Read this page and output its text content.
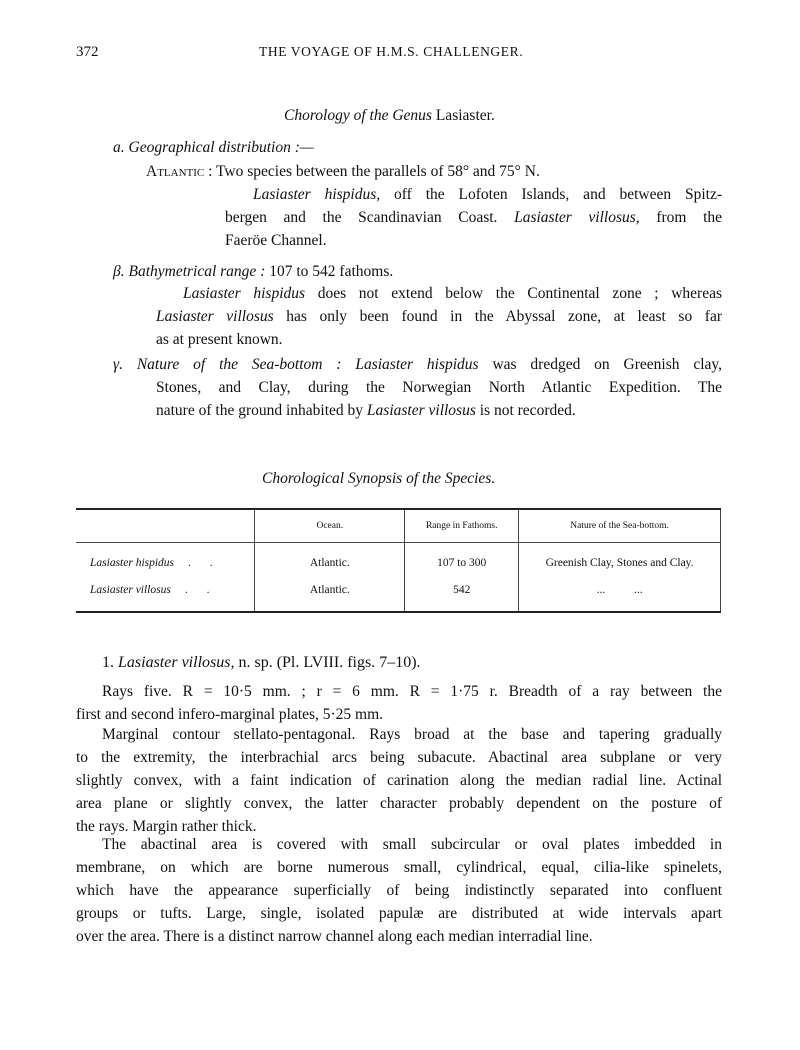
372	THE VOYAGE OF H.M.S. CHALLENGER.
Chorology of the Genus Lasiaster.
a. Geographical distribution :—
Atlantic : Two species between the parallels of 58° and 75° N.
Lasiaster hispidus, off the Lofoten Islands, and between Spitz-
bergen and the Scandinavian Coast. Lasiaster villosus, from the
Faeröe Channel.
β. Bathymetrical range : 107 to 542 fathoms.
Lasiaster hispidus does not extend below the Continental zone ; whereas
Lasiaster villosus has only been found in the Abyssal zone, at least so far
as at present known.
γ. Nature of the Sea-bottom : Lasiaster hispidus was dredged on Greenish clay,
Stones, and Clay, during the Norwegian North Atlantic Expedition. The
nature of the ground inhabited by Lasiaster villosus is not recorded.
Chorological Synopsis of the Species.
	Ocean.	Range in Fathoms.	Nature of the Sea-bottom.
Lasiaster hispidus . .	Atlantic.	107 to 300	Greenish Clay, Stones and Clay.
Lasiaster villosus . .	Atlantic.	542	...          ...
1. Lasiaster villosus, n. sp. (Pl. LVIII. figs. 7–10).
Rays five. R = 10·5 mm. ; r = 6 mm. R = 1·75 r. Breadth of a ray between the
first and second infero-marginal plates, 5·25 mm.
Marginal contour stellato-pentagonal. Rays broad at the base and tapering gradually
to the extremity, the interbrachial arcs being subacute. Abactinal area subplane or very
slightly convex, with a faint indication of carination along the median radial line. Actinal
area plane or slightly convex, the latter character probably dependent on the posture of
the rays. Margin rather thick.
The abactinal area is covered with small subcircular or oval plates imbedded in
membrane, on which are borne numerous small, cylindrical, equal, cilia-like spinelets,
which have the appearance superficially of being indistinctly separated into confluent
groups or tufts. Large, single, isolated papulæ are distributed at wide intervals apart
over the area. There is a distinct narrow channel along each median interradial line.
